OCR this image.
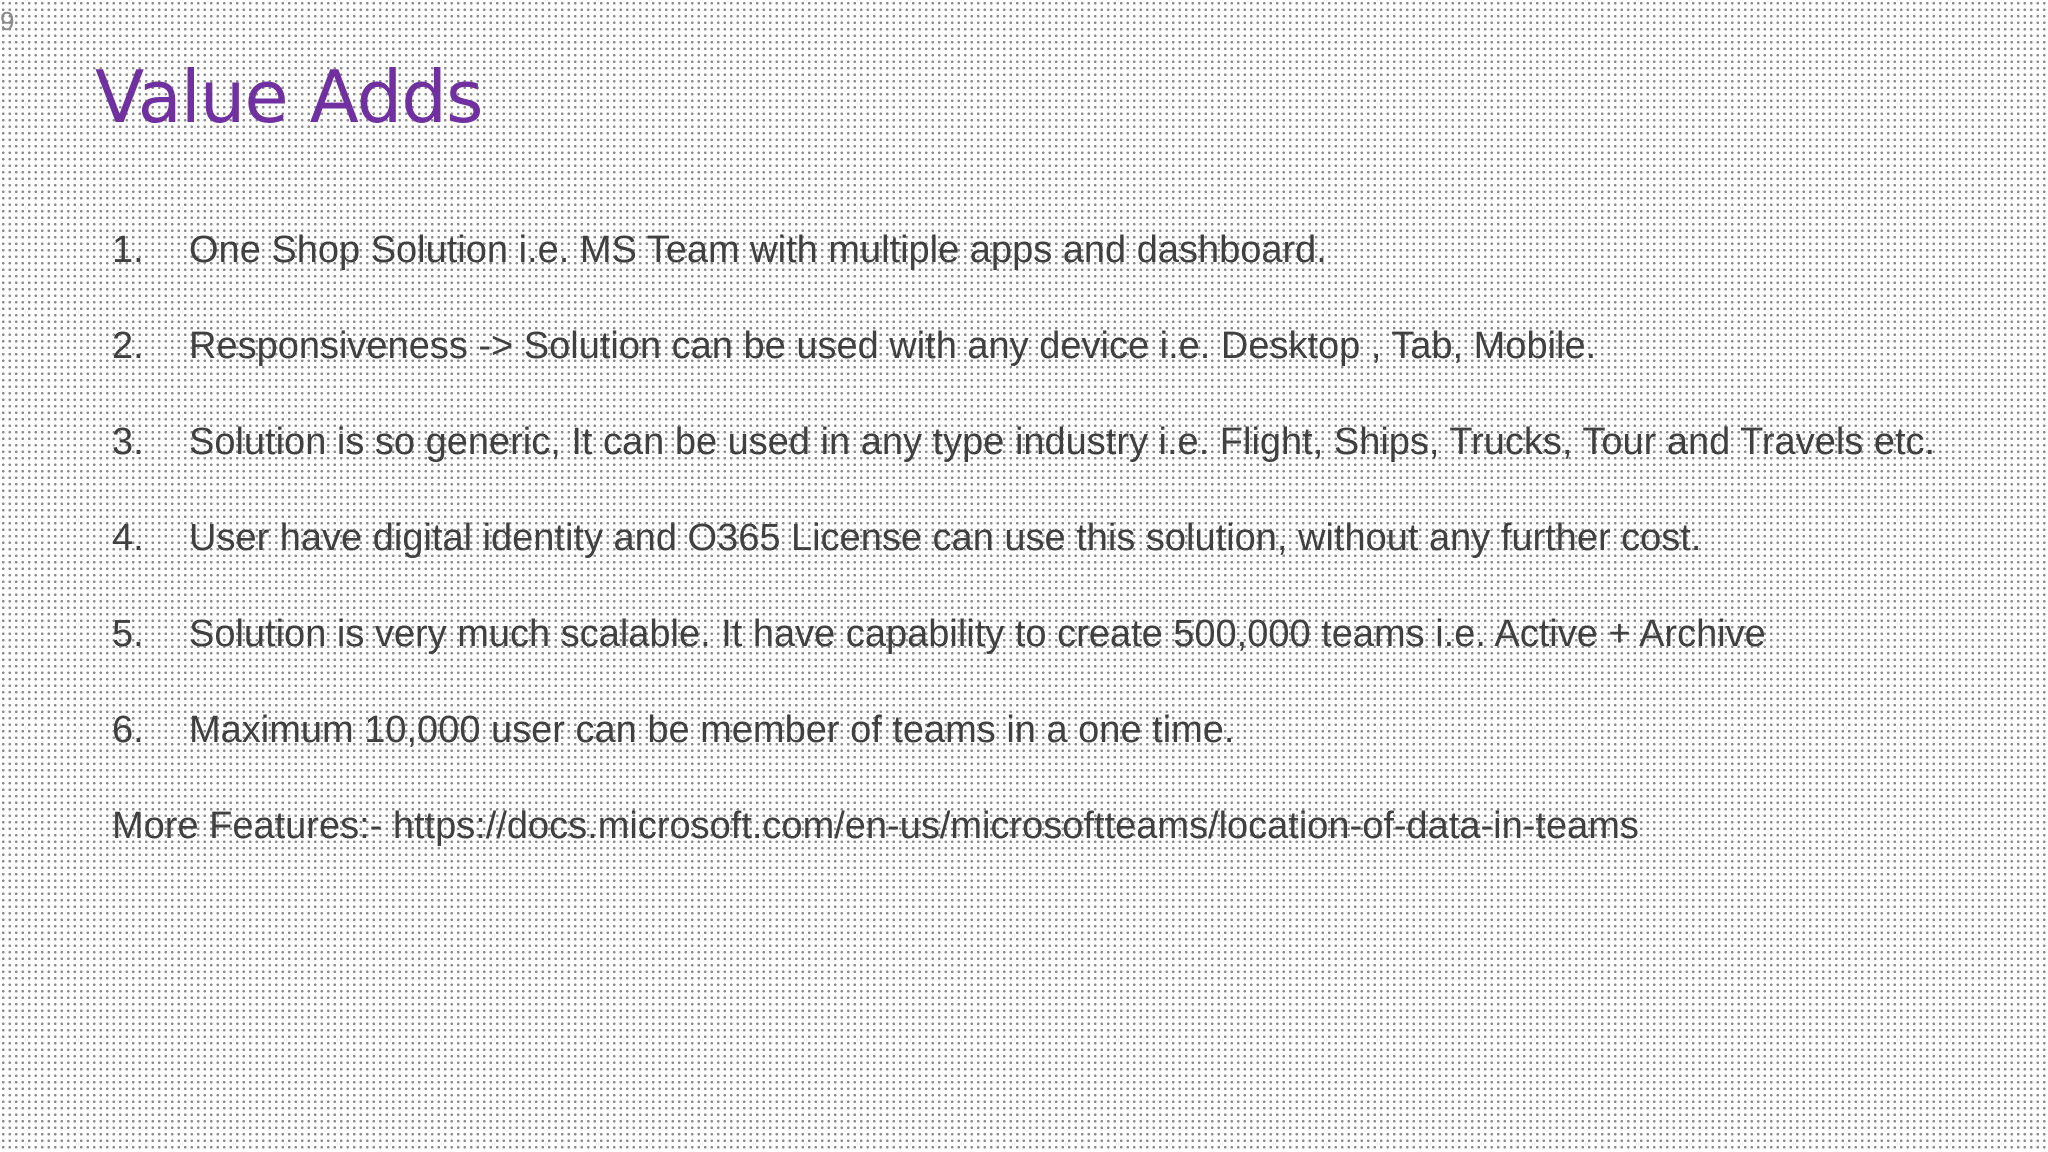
9
Value Adds
1. One Shop Solution i.e. MS Team with multiple apps and dashboard.
2. Responsiveness -> Solution can be used with any device i.e. Desktop , Tab, Mobile.
3. Solution is so generic, It can be used in any type industry i.e. Flight, Ships, Trucks, Tour and Travels etc.
4. User have digital identity and O365 License can use this solution, without any further cost.
5. Solution is very much scalable. It have capability to create 500,000 teams i.e. Active + Archive
6. Maximum 10,000 user can be member of teams in a one time.
More Features:- https://docs.microsoft.com/en-us/microsoftteams/location-of-data-in-teams
